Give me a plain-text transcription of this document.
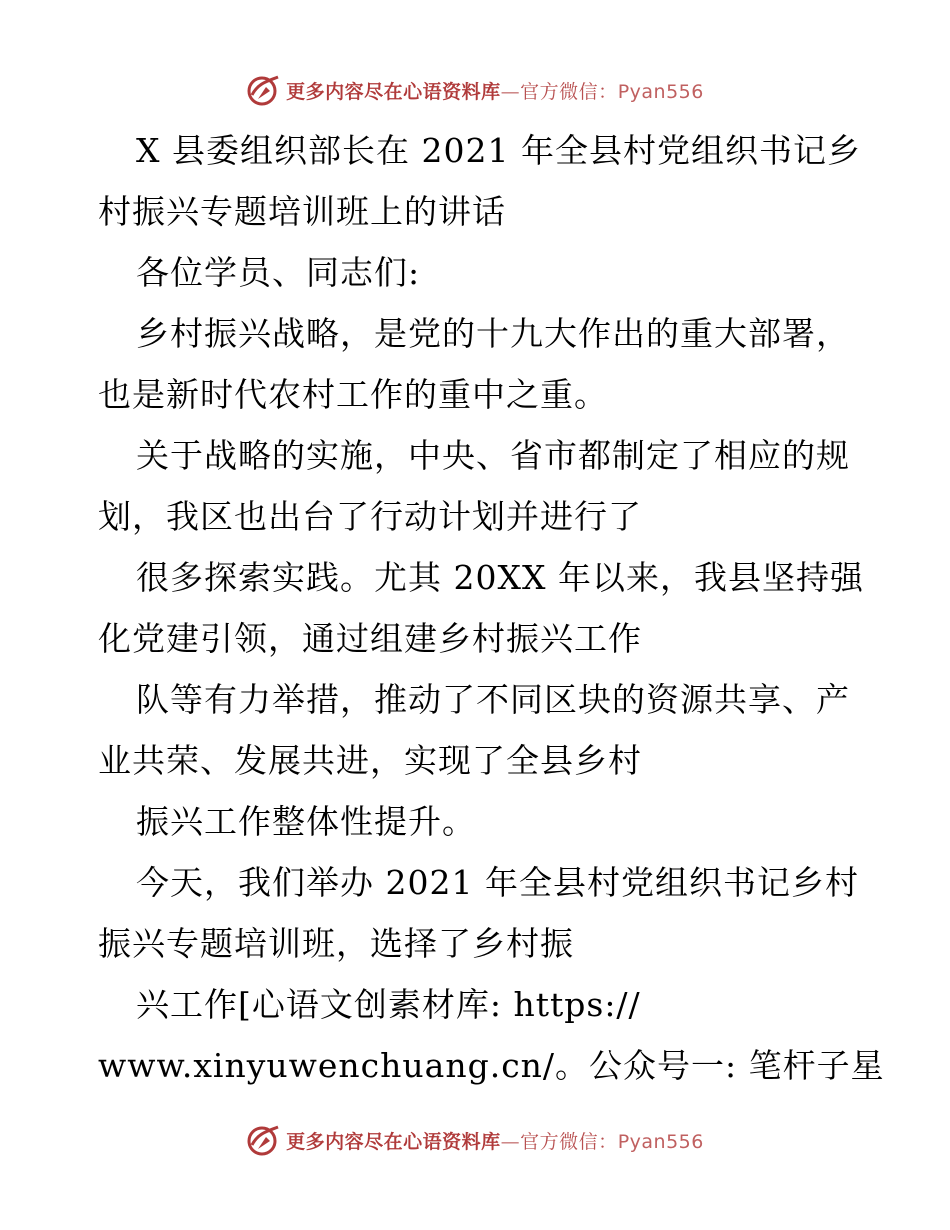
更多内容尽在心语资料库—官方微信：Pyan556
X 县委组织部长在 2021 年全县村党组织书记乡
村振兴专题培训班上的讲话
各位学员、同志们:
乡村振兴战略，是党的十九大作出的重大部署，
也是新时代农村工作的重中之重。
关于战略的实施，中央、省市都制定了相应的规
划，我区也出台了行动计划并进行了
很多探索实践。尤其 20XX 年以来，我县坚持强
化党建引领，通过组建乡村振兴工作
队等有力举措，推动了不同区块的资源共享、产
业共荣、发展共进，实现了全县乡村
振兴工作整体性提升。
今天，我们举办 2021 年全县村党组织书记乡村
振兴专题培训班，选择了乡村振
兴工作[心语文创素材库: https://
www.xinyuwenchuang.cn/。公众号一: 笔杆子星
更多内容尽在心语资料库—官方微信：Pyan556
